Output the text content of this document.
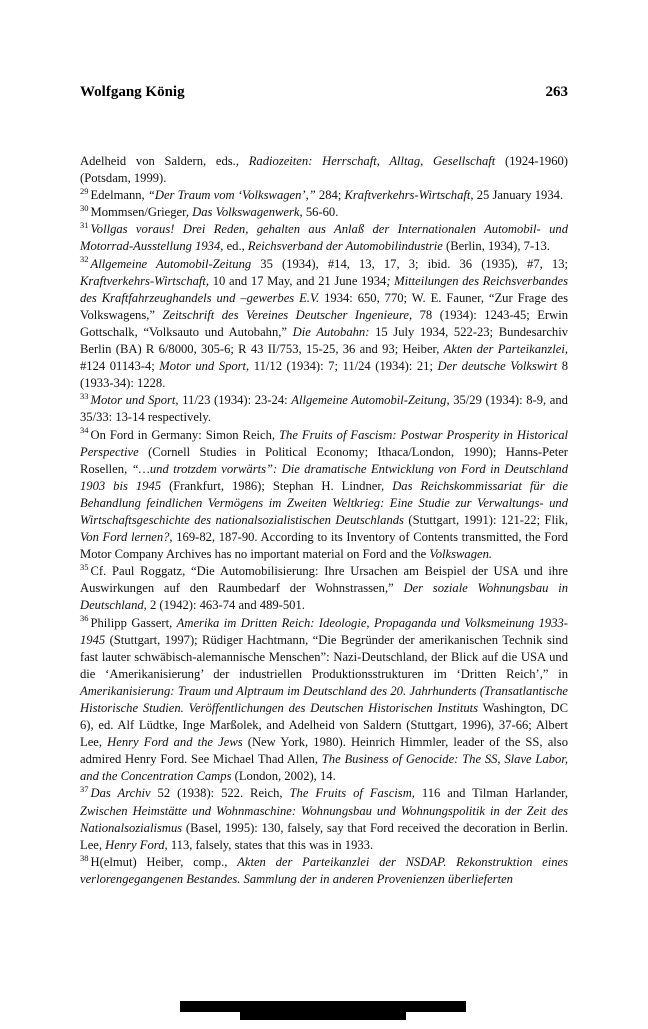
Wolfgang König	263

Adelheid von Saldern, eds., Radiozeiten: Herrschaft, Alltag, Gesellschaft (1924-1960) (Potsdam, 1999).

$^{29}$ Edelmann, “Der Traum vom ‘Volkswagen’,” 284; Kraftverkehrs-Wirtschaft, 25 January 1934.

$^{30}$ Mommsen/Grieger, Das Volkswagenwerk, 56-60.

$^{31}$ Vollgas voraus! Drei Reden, gehalten aus Anlaß der Internationalen Automobil- und Motorrad-Ausstellung 1934, ed., Reichsverband der Automobilindustrie (Berlin, 1934), 7-13.

$^{32}$ Allgemeine Automobil-Zeitung 35 (1934), #14, 13, 17, 3; ibid. 36 (1935), #7, 13; Kraftverkehrs-Wirtschaft, 10 and 17 May, and 21 June 1934; Mitteilungen des Reichsverbandes des Kraftfahrzeughandels und –gewerbes E.V. 1934: 650, 770; W. E. Fauner, “Zur Frage des Volkswagens,” Zeitschrift des Vereines Deutscher Ingenieure, 78 (1934): 1243-45; Erwin Gottschalk, “Volksauto und Autobahn,” Die Autobahn: 15 July 1934, 522-23; Bundesarchiv Berlin (BA) R 6/8000, 305-6; R 43 II/753, 15-25, 36 and 93; Heiber, Akten der Parteikanzlei, #124 01143-4; Motor und Sport, 11/12 (1934): 7; 11/24 (1934): 21; Der deutsche Volkswirt 8 (1933-34): 1228.

$^{33}$ Motor und Sport, 11/23 (1934): 23-24: Allgemeine Automobil-Zeitung, 35/29 (1934): 8-9, and 35/33: 13-14 respectively.

$^{34}$ On Ford in Germany: Simon Reich, The Fruits of Fascism: Postwar Prosperity in Historical Perspective (Cornell Studies in Political Economy; Ithaca/London, 1990); Hanns-Peter Rosellen, “…und trotzdem vorwärts”: Die dramatische Entwicklung von Ford in Deutschland 1903 bis 1945 (Frankfurt, 1986); Stephan H. Lindner, Das Reichskommissariat für die Behandlung feindlichen Vermögens im Zweiten Weltkrieg: Eine Studie zur Verwaltungs- und Wirtschaftsgeschichte des nationalsozialistischen Deutschlands (Stuttgart, 1991): 121-22; Flik, Von Ford lernen?, 169-82, 187-90. According to its Inventory of Contents transmitted, the Ford Motor Company Archives has no important material on Ford and the Volkswagen.

$^{35}$ Cf. Paul Roggatz, “Die Automobilisierung: Ihre Ursachen am Beispiel der USA und ihre Auswirkungen auf den Raumbedarf der Wohnstrassen,” Der soziale Wohnungsbau in Deutschland, 2 (1942): 463-74 and 489-501.

$^{36}$ Philipp Gassert, Amerika im Dritten Reich: Ideologie, Propaganda und Volksmeinung 1933-1945 (Stuttgart, 1997); Rüdiger Hachtmann, “Die Begründer der amerikanischen Technik sind fast lauter schwäbisch-alemannische Menschen”: Nazi-Deutschland, der Blick auf die USA und die ‘Amerikanisierung’ der industriellen Produktionsstrukturen im ‘Dritten Reich’,” in Amerikanisierung: Traum und Alptraum im Deutschland des 20. Jahrhunderts (Transatlantische Historische Studien. Veröffentlichungen des Deutschen Historischen Instituts Washington, DC 6), ed. Alf Lüdtke, Inge Marßolek, and Adelheid von Saldern (Stuttgart, 1996), 37-66; Albert Lee, Henry Ford and the Jews (New York, 1980). Heinrich Himmler, leader of the SS, also admired Henry Ford. See Michael Thad Allen, The Business of Genocide: The SS, Slave Labor, and the Concentration Camps (London, 2002), 14.

$^{37}$ Das Archiv 52 (1938): 522. Reich, The Fruits of Fascism, 116 and Tilman Harlander, Zwischen Heimstätte und Wohnmaschine: Wohnungsbau und Wohnungspolitik in der Zeit des Nationalsozialismus (Basel, 1995): 130, falsely, say that Ford received the decoration in Berlin. Lee, Henry Ford, 113, falsely, states that this was in 1933.

$^{38}$ H(elmut) Heiber, comp., Akten der Parteikanzlei der NSDAP. Rekonstruktion eines verlorengegangenen Bestandes. Sammlung der in anderen Provenienzen überlieferten
